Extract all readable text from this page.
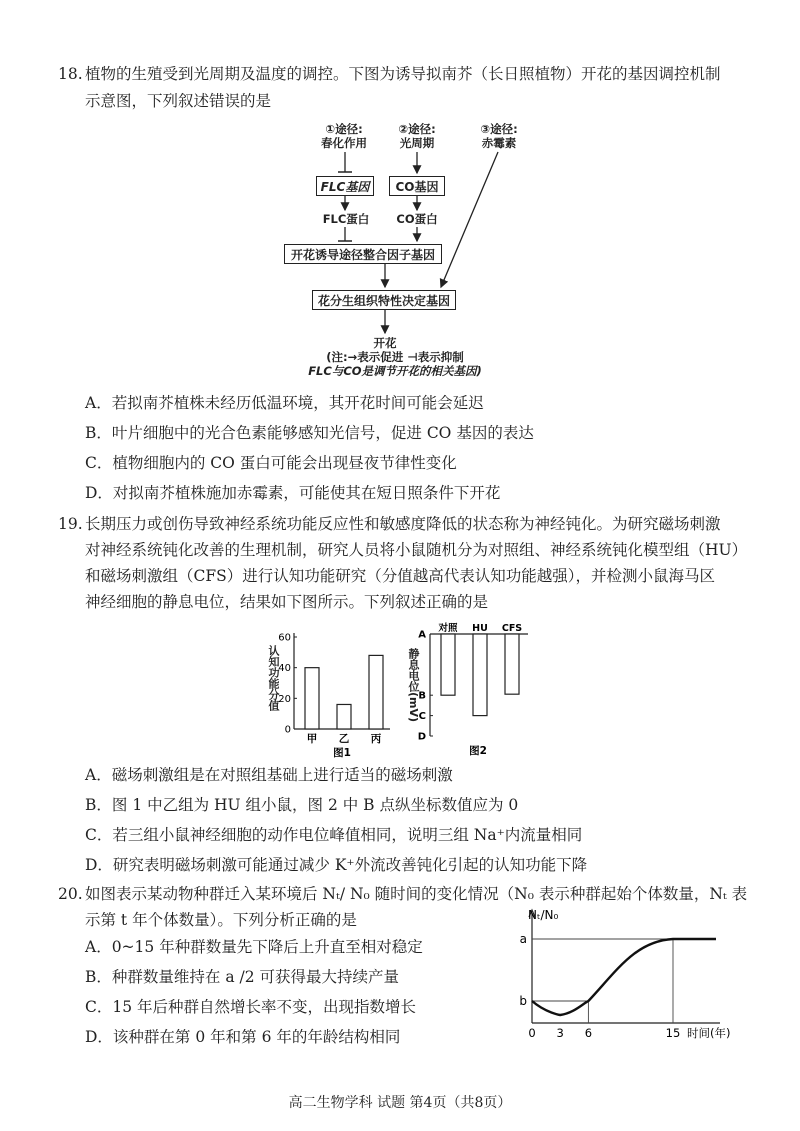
18. 植物的生殖受到光周期及温度的调控。下图为诱导拟南芥（长日照植物）开花的基因调控机制
示意图，下列叙述错误的是
①途径:
春化作用
②途径:
光周期
③途径:
赤霉素
FLC基因 CO基因
FLC蛋白	CO蛋白
开花诱导途径整合因子基因
花分生组织特性决定基因
开花
(注:→表示促进 ⊣表示抑制
FLC与CO是调节开花的相关基因)
A．若拟南芥植株未经历低温环境，其开花时间可能会延迟
B．叶片细胞中的光合色素能够感知光信号，促进 CO 基因的表达
C．植物细胞内的 CO 蛋白可能会出现昼夜节律性变化
D．对拟南芥植株施加赤霉素，可能使其在短日照条件下开花
19. 长期压力或创伤导致神经系统功能反应性和敏感度降低的状态称为神经钝化。为研究磁场刺激
对神经系统钝化改善的生理机制，研究人员将小鼠随机分为对照组、神经系统钝化模型组（HU）
和磁场刺激组（CFS）进行认知功能研究（分值越高代表认知功能越强），并检测小鼠海马区
神经细胞的静息电位，结果如下图所示。下列叙述正确的是
0
20
40
60
甲 乙 丙
图1
认知功能分值
A
B
C
D
对照 HU CFS
图2
静息电位(mV)
A．磁场刺激组是在对照组基础上进行适当的磁场刺激
B．图 1 中乙组为 HU 组小鼠，图 2 中 B 点纵坐标数值应为 0
C．若三组小鼠神经细胞的动作电位峰值相同，说明三组 Na⁺内流量相同
D．研究表明磁场刺激可能通过减少 K⁺外流改善钝化引起的认知功能下降
20. 如图表示某动物种群迁入某环境后 Nₜ/ N₀ 随时间的变化情况（N₀ 表示种群起始个体数量，Nₜ 表
示第 t 年个体数量）。下列分析正确的是
A．0~15 年种群数量先下降后上升直至相对稳定
B．种群数量维持在 a /2 可获得最大持续产量
C．15 年后种群自然增长率不变，出现指数增长
D．该种群在第 0 年和第 6 年的年龄结构相同
Nₜ/N₀
a
b
0 3 6	15 时间(年)
高二生物学科 试题 第4页（共8页）
